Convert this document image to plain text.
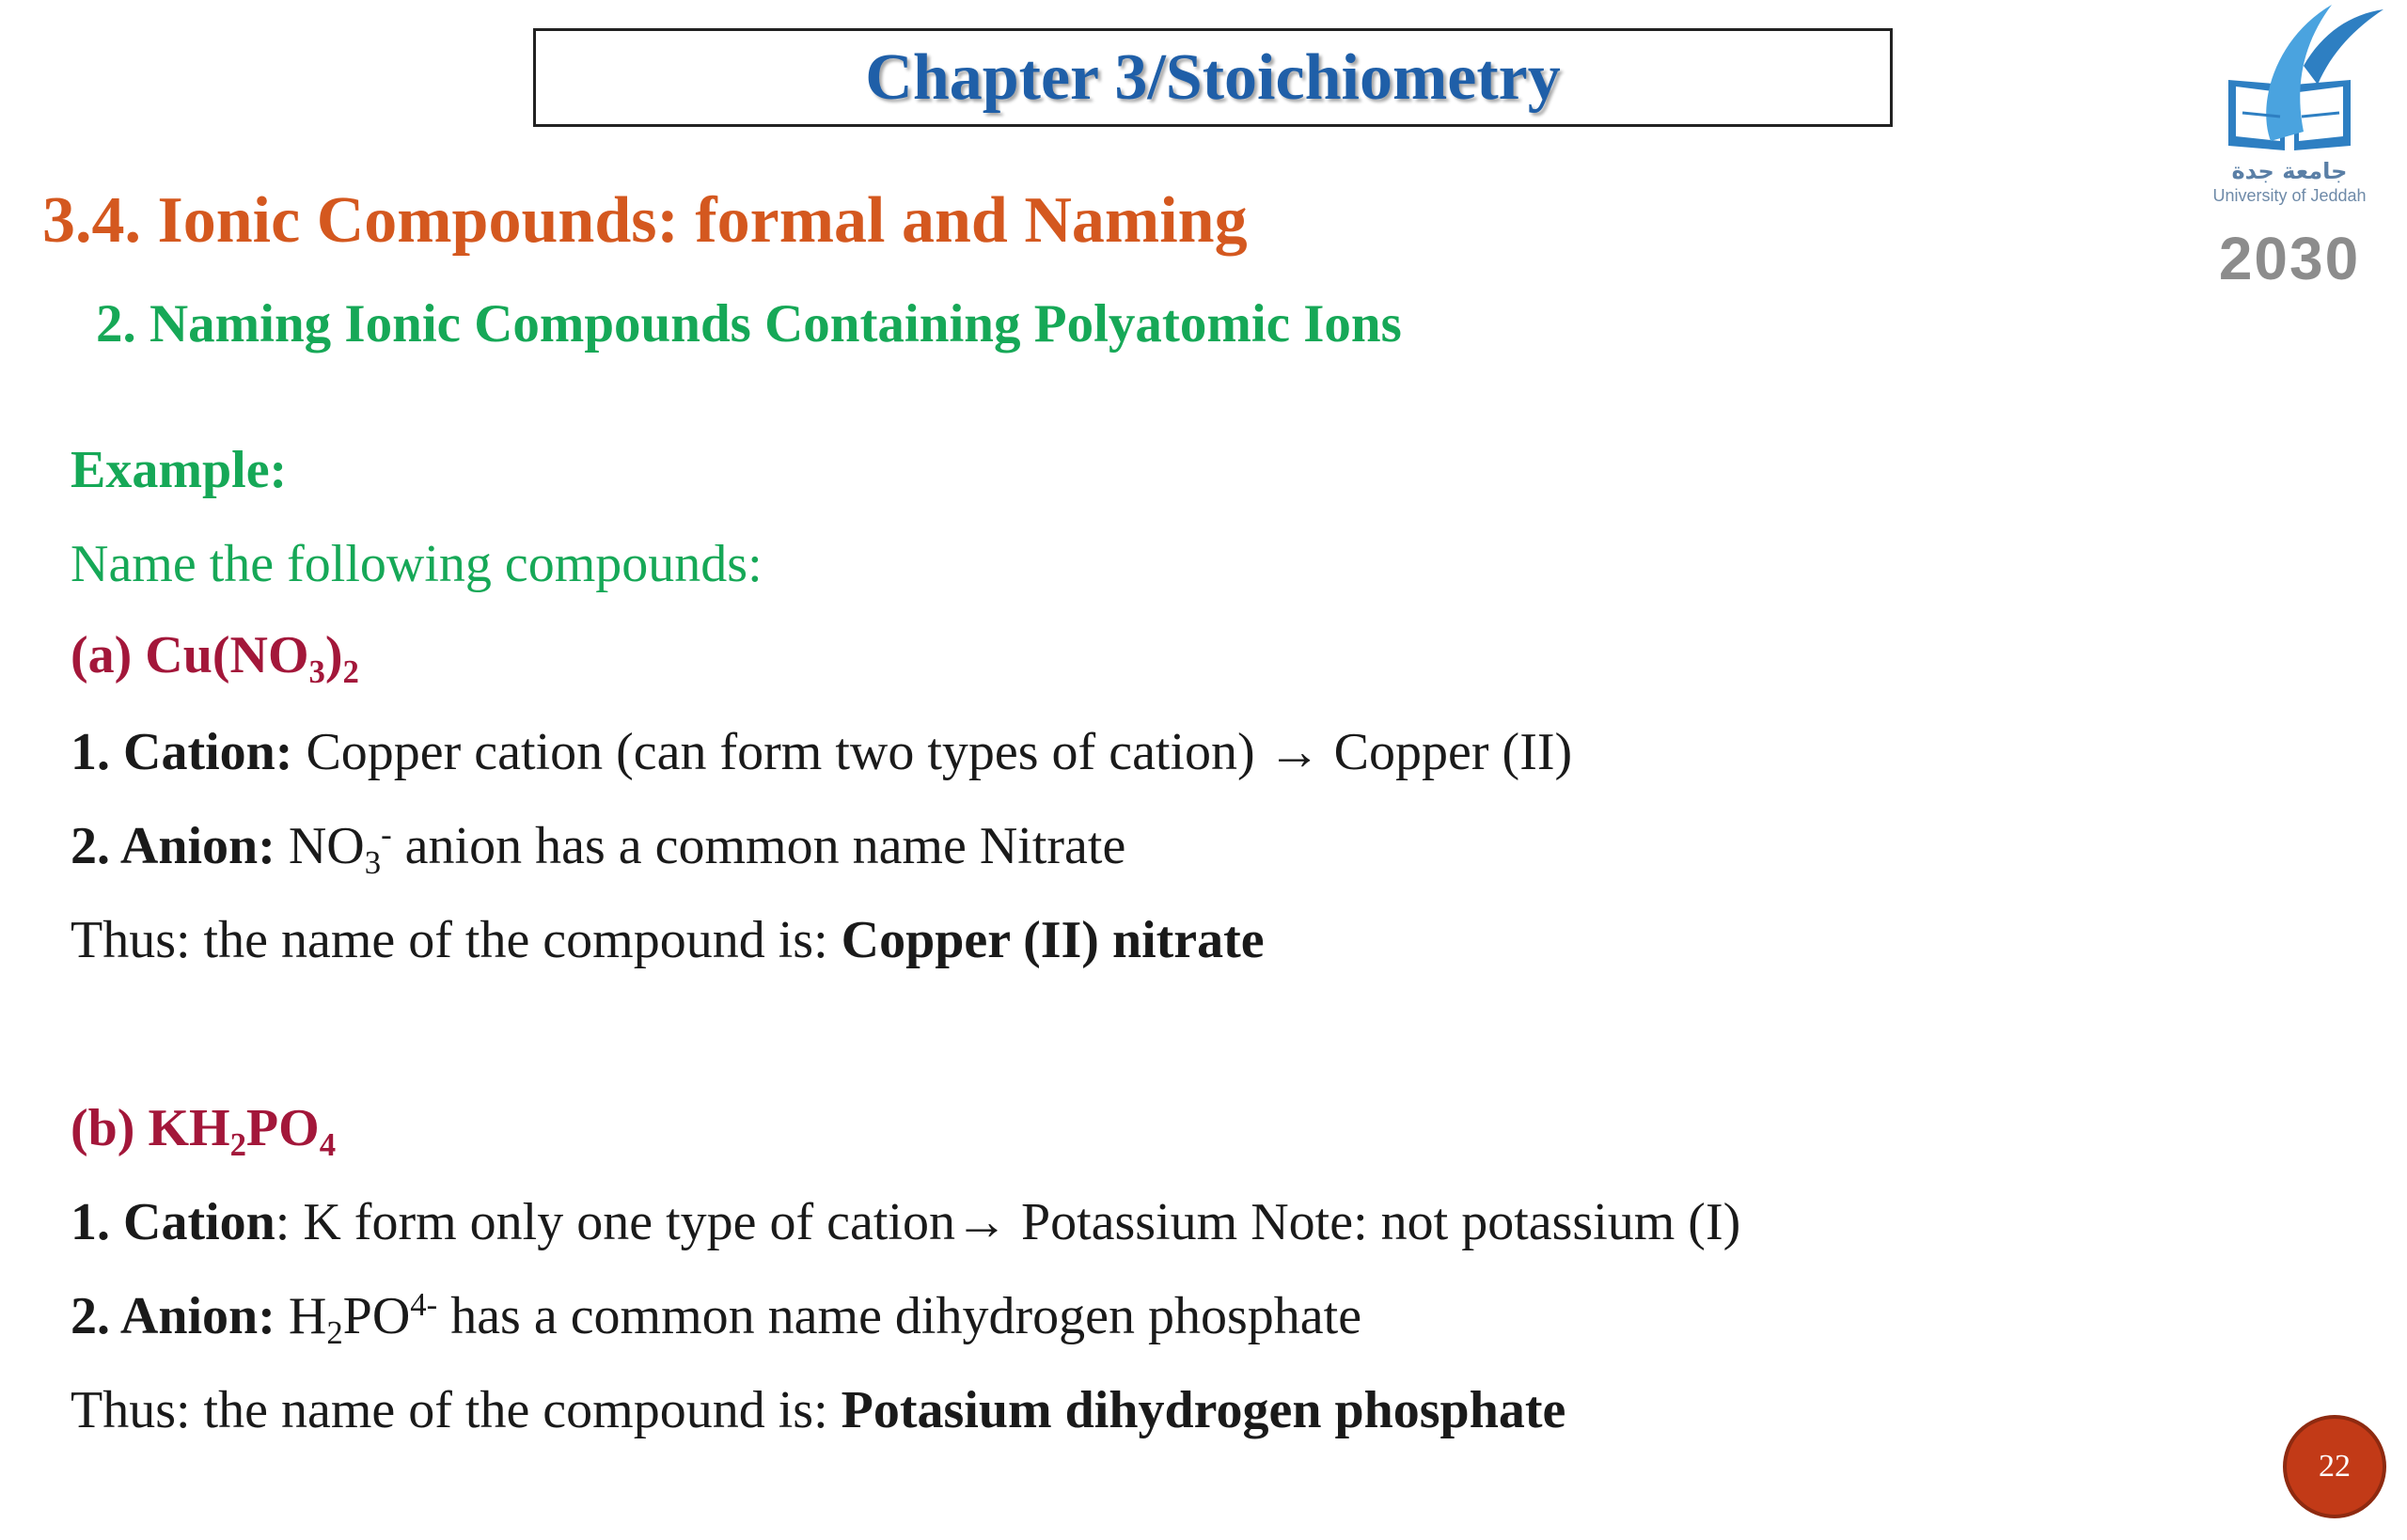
Chapter 3/Stoichiometry
جامعة جدة
University of Jeddah
2030
3.4. Ionic Compounds: formal and Naming
2. Naming Ionic Compounds Containing Polyatomic Ions
Example:
Name the following compounds:
(a) $Cu(NO_3)_2$
1. Cation: Copper cation (can form two types of cation) → Copper (II)
2. Anion: $NO_3^-$ anion has a common name Nitrate
Thus: the name of the compound is: Copper (II) nitrate
(b) $KH_2PO_4$
1. Cation: K form only one type of cation→ Potassium Note: not potassium (I)
2. Anion: $H_2PO^{4-}$ has a common name dihydrogen phosphate
Thus: the name of the compound is: Potasium dihydrogen phosphate
22
